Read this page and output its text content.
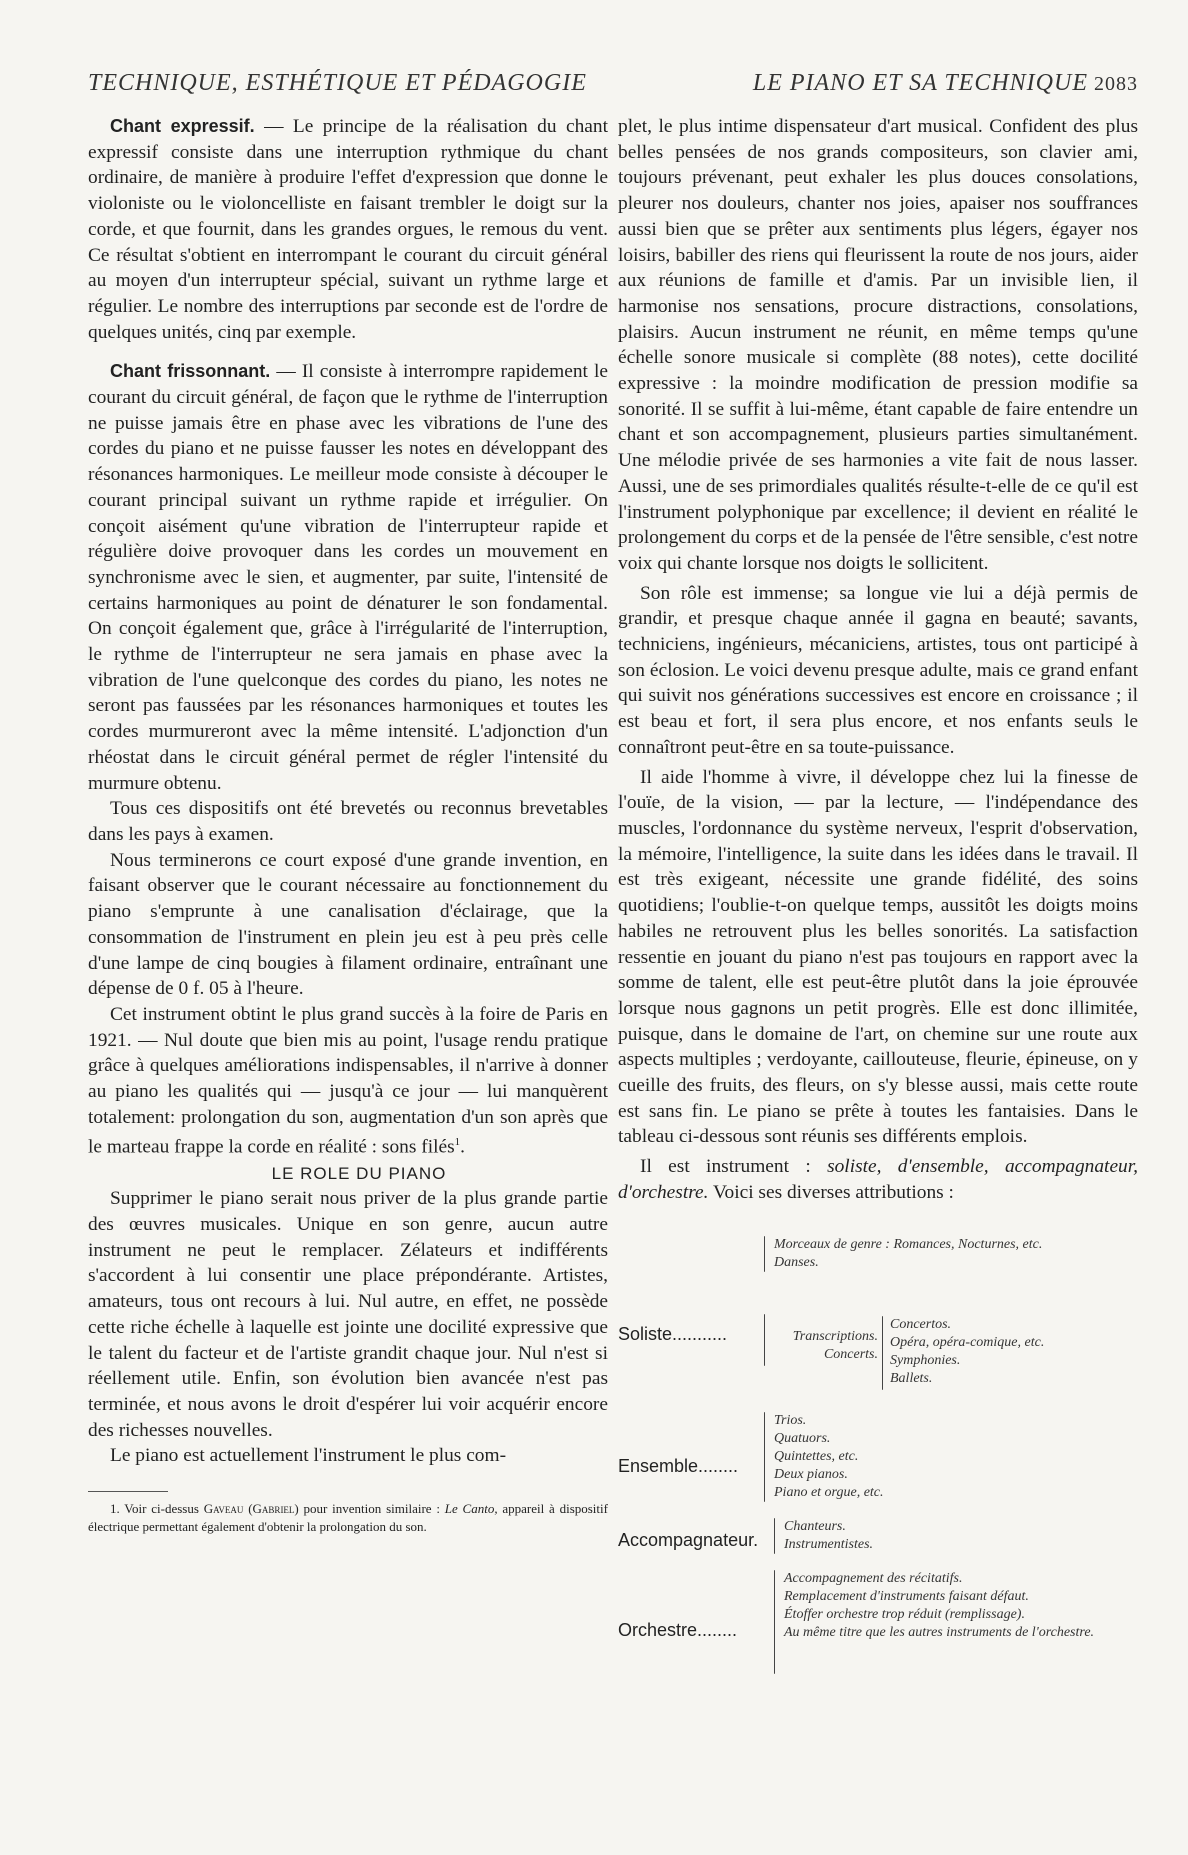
TECHNIQUE, ESTHÉTIQUE ET PÉDAGOGIE	LE PIANO ET SA TECHNIQUE 2083

Chant expressif. — Le principe de la réalisation du chant expressif consiste dans une interruption rythmique du chant ordinaire, de manière à produire l'effet d'expression que donne le violoniste ou le violoncelliste en faisant trembler le doigt sur la corde, et que fournit, dans les grandes orgues, le remous du vent. Ce résultat s'obtient en interrompant le courant du circuit général au moyen d'un interrupteur spécial, suivant un rythme large et régulier. Le nombre des interruptions par seconde est de l'ordre de quelques unités, cinq par exemple.

Chant frissonnant. — Il consiste à interrompre rapidement le courant du circuit général, de façon que le rythme de l'interruption ne puisse jamais être en phase avec les vibrations de l'une des cordes du piano et ne puisse fausser les notes en développant des résonances harmoniques. Le meilleur mode consiste à découper le courant principal suivant un rythme rapide et irrégulier. On conçoit aisément qu'une vibration de l'interrupteur rapide et régulière doive provoquer dans les cordes un mouvement en synchronisme avec le sien, et augmenter, par suite, l'intensité de certains harmoniques au point de dénaturer le son fondamental. On conçoit également que, grâce à l'irrégularité de l'interruption, le rythme de l'interrupteur ne sera jamais en phase avec la vibration de l'une quelconque des cordes du piano, les notes ne seront pas faussées par les résonances harmoniques et toutes les cordes murmureront avec la même intensité. L'adjonction d'un rhéostat dans le circuit général permet de régler l'intensité du murmure obtenu.

Tous ces dispositifs ont été brevetés ou reconnus brevetables dans les pays à examen.

Nous terminerons ce court exposé d'une grande invention, en faisant observer que le courant nécessaire au fonctionnement du piano s'emprunte à une canalisation d'éclairage, que la consommation de l'instrument en plein jeu est à peu près celle d'une lampe de cinq bougies à filament ordinaire, entraînant une dépense de 0 f. 05 à l'heure.

Cet instrument obtint le plus grand succès à la foire de Paris en 1921. — Nul doute que bien mis au point, l'usage rendu pratique grâce à quelques améliorations indispensables, il n'arrive à donner au piano les qualités qui — jusqu'à ce jour — lui manquèrent totalement: prolongation du son, augmentation d'un son après que le marteau frappe la corde en réalité : sons filés$^1$.

LE ROLE DU PIANO

Supprimer le piano serait nous priver de la plus grande partie des œuvres musicales. Unique en son genre, aucun autre instrument ne peut le remplacer. Zélateurs et indifférents s'accordent à lui consentir une place prépondérante. Artistes, amateurs, tous ont recours à lui. Nul autre, en effet, ne possède cette riche échelle à laquelle est jointe une docilité expressive que le talent du facteur et de l'artiste grandit chaque jour. Nul n'est si réellement utile. Enfin, son évolution bien avancée n'est pas terminée, et nous avons le droit d'espérer lui voir acquérir encore des richesses nouvelles.

Le piano est actuellement l'instrument le plus com-

1. Voir ci-dessus Gaveau (Gabriel) pour invention similaire : Le Canto, appareil à dispositif électrique permettant également d'obtenir la prolongation du son.

plet, le plus intime dispensateur d'art musical. Confident des plus belles pensées de nos grands compositeurs, son clavier ami, toujours prévenant, peut exhaler les plus douces consolations, pleurer nos douleurs, chanter nos joies, apaiser nos souffrances aussi bien que se prêter aux sentiments plus légers, égayer nos loisirs, babiller des riens qui fleurissent la route de nos jours, aider aux réunions de famille et d'amis. Par un invisible lien, il harmonise nos sensations, procure distractions, consolations, plaisirs. Aucun instrument ne réunit, en même temps qu'une échelle sonore musicale si complète (88 notes), cette docilité expressive : la moindre modification de pression modifie sa sonorité. Il se suffit à lui-même, étant capable de faire entendre un chant et son accompagnement, plusieurs parties simultanément. Une mélodie privée de ses harmonies a vite fait de nous lasser. Aussi, une de ses primordiales qualités résulte-t-elle de ce qu'il est l'instrument polyphonique par excellence; il devient en réalité le prolongement du corps et de la pensée de l'être sensible, c'est notre voix qui chante lorsque nos doigts le sollicitent.

Son rôle est immense; sa longue vie lui a déjà permis de grandir, et presque chaque année il gagna en beauté; savants, techniciens, ingénieurs, mécaniciens, artistes, tous ont participé à son éclosion. Le voici devenu presque adulte, mais ce grand enfant qui suivit nos générations successives est encore en croissance ; il est beau et fort, il sera plus encore, et nos enfants seuls le connaîtront peut-être en sa toute-puissance.

Il aide l'homme à vivre, il développe chez lui la finesse de l'ouïe, de la vision, — par la lecture, — l'indépendance des muscles, l'ordonnance du système nerveux, l'esprit d'observation, la mémoire, l'intelligence, la suite dans les idées dans le travail. Il est très exigeant, nécessite une grande fidélité, des soins quotidiens; l'oublie-t-on quelque temps, aussitôt les doigts moins habiles ne retrouvent plus les belles sonorités. La satisfaction ressentie en jouant du piano n'est pas toujours en rapport avec la somme de talent, elle est peut-être plutôt dans la joie éprouvée lorsque nous gagnons un petit progrès. Elle est donc illimitée, puisque, dans le domaine de l'art, on chemine sur une route aux aspects multiples ; verdoyante, caillouteuse, fleurie, épineuse, on y cueille des fruits, des fleurs, on s'y blesse aussi, mais cette route est sans fin. Le piano se prête à toutes les fantaisies. Dans le tableau ci-dessous sont réunis ses différents emplois.

Il est instrument : soliste, d'ensemble, accompagnateur, d'orchestre. Voici ses diverses attributions :

Soliste...........
Morceaux de genre : Romances, Nocturnes, etc.
Danses.
Transcriptions.
Concerts.
Concertos.
Opéra, opéra-comique, etc.
Symphonies.
Ballets.
Ensemble........
Trios.
Quatuors.
Quintettes, etc.
Deux pianos.
Piano et orgue, etc.
Accompagnateur.
Chanteurs.
Instrumentistes.
Orchestre........
Accompagnement des récitatifs.
Remplacement d'instruments faisant défaut.
Étoffer orchestre trop réduit (remplissage).
Au même titre que les autres instruments de l'orchestre.
